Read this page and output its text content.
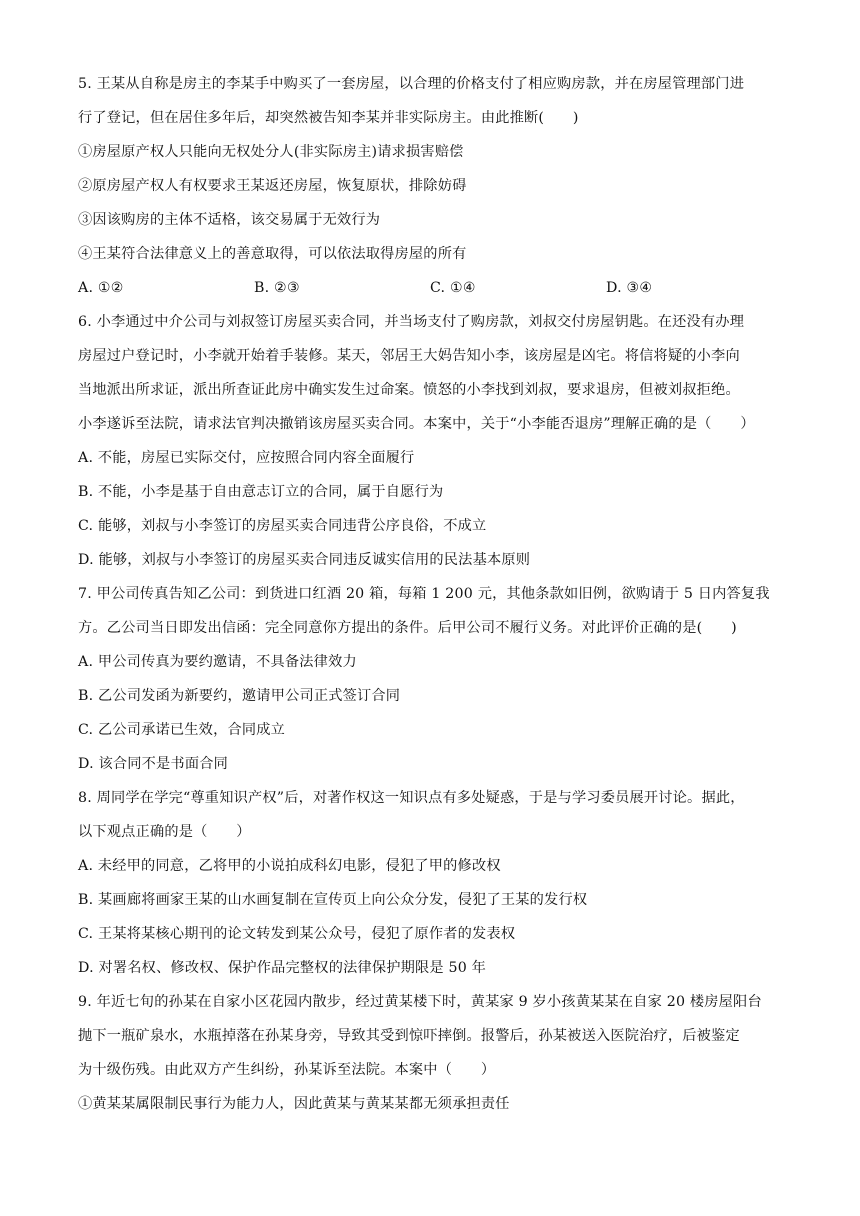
5. 王某从自称是房主的李某手中购买了一套房屋，以合理的价格支付了相应购房款，并在房屋管理部门进
行了登记，但在居住多年后，却突然被告知李某并非实际房主。由此推断(　　)
①房屋原产权人只能向无权处分人(非实际房主)请求损害赔偿
②原房屋产权人有权要求王某返还房屋，恢复原状，排除妨碍
③因该购房的主体不适格，该交易属于无效行为
④王某符合法律意义上的善意取得，可以依法取得房屋的所有
A. ①②	B. ②③	C. ①④	D. ③④
6. 小李通过中介公司与刘叔签订房屋买卖合同，并当场支付了购房款，刘叔交付房屋钥匙。在还没有办理
房屋过户登记时，小李就开始着手装修。某天，邻居王大妈告知小李，该房屋是凶宅。将信将疑的小李向
当地派出所求证，派出所查证此房中确实发生过命案。愤怒的小李找到刘叔，要求退房，但被刘叔拒绝。
小李遂诉至法院，请求法官判决撤销该房屋买卖合同。本案中，关于“小李能否退房”理解正确的是（　　）
A. 不能，房屋已实际交付，应按照合同内容全面履行
B. 不能，小李是基于自由意志订立的合同，属于自愿行为
C. 能够，刘叔与小李签订的房屋买卖合同违背公序良俗，不成立
D. 能够，刘叔与小李签订的房屋买卖合同违反诚实信用的民法基本原则
7. 甲公司传真告知乙公司：到货进口红酒 20 箱，每箱 1 200 元，其他条款如旧例，欲购请于 5 日内答复我
方。乙公司当日即发出信函：完全同意你方提出的条件。后甲公司不履行义务。对此评价正确的是(　　)
A. 甲公司传真为要约邀请，不具备法律效力
B. 乙公司发函为新要约，邀请甲公司正式签订合同
C. 乙公司承诺已生效，合同成立
D. 该合同不是书面合同
8. 周同学在学完“尊重知识产权”后，对著作权这一知识点有多处疑惑，于是与学习委员展开讨论。据此，
以下观点正确的是（　　）
A. 未经甲的同意，乙将甲的小说拍成科幻电影，侵犯了甲的修改权
B. 某画廊将画家王某的山水画复制在宣传页上向公众分发，侵犯了王某的发行权
C. 王某将某核心期刊的论文转发到某公众号，侵犯了原作者的发表权
D. 对署名权、修改权、保护作品完整权的法律保护期限是 50 年
9. 年近七旬的孙某在自家小区花园内散步，经过黄某楼下时，黄某家 9 岁小孩黄某某在自家 20 楼房屋阳台
抛下一瓶矿泉水，水瓶掉落在孙某身旁，导致其受到惊吓摔倒。报警后，孙某被送入医院治疗，后被鉴定
为十级伤残。由此双方产生纠纷，孙某诉至法院。本案中（　　）
①黄某某属限制民事行为能力人，因此黄某与黄某某都无须承担责任
